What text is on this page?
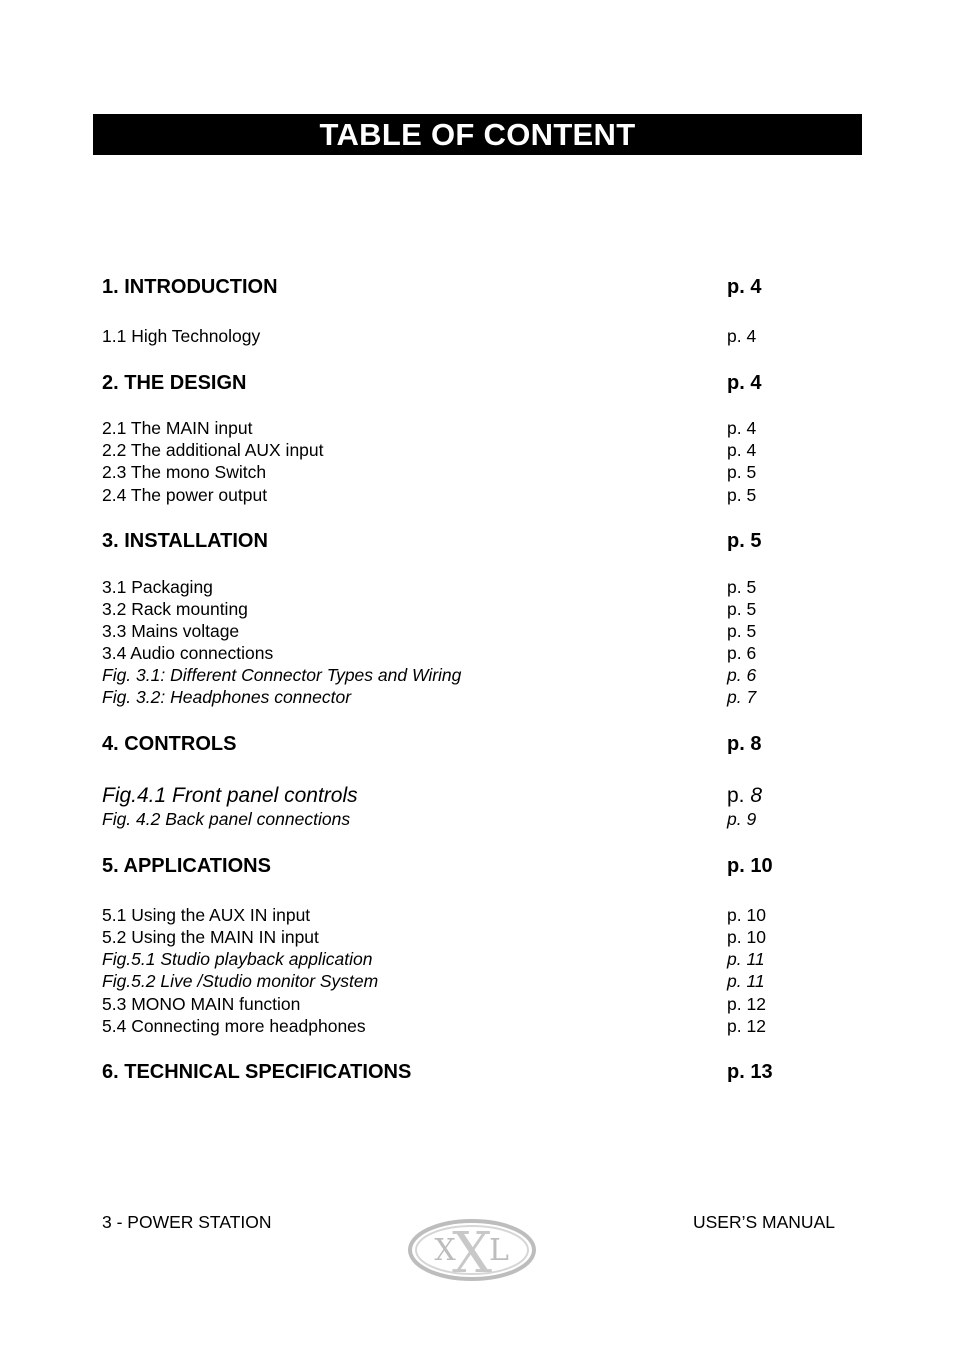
TABLE OF CONTENT
1. INTRODUCTION	p. 4
1.1 High Technology	p. 4
2. THE DESIGN	p. 4
2.1 The MAIN input	p. 4
2.2 The additional AUX input	p. 4
2.3 The mono Switch	p. 5
2.4 The power output	p. 5
3. INSTALLATION	p. 5
3.1 Packaging	p. 5
3.2 Rack mounting	p. 5
3.3 Mains voltage	p. 5
3.4 Audio connections	p. 6
Fig. 3.1: Different Connector Types and Wiring	p. 6
Fig. 3.2: Headphones connector	p. 7
4. CONTROLS	p. 8
Fig.4.1 Front panel controls	p. 8
Fig. 4.2 Back panel connections	p. 9
5. APPLICATIONS	p. 10
5.1 Using the AUX IN input	p. 10
5.2 Using the MAIN IN input	p. 10
Fig.5.1 Studio playback application	p. 11
Fig.5.2 Live /Studio monitor System	p. 11
5.3 MONO MAIN function	p. 12
5.4 Connecting more headphones	p. 12
6. TECHNICAL SPECIFICATIONS	p. 13
3 - POWER STATION	USER’S MANUAL
X
X
L
